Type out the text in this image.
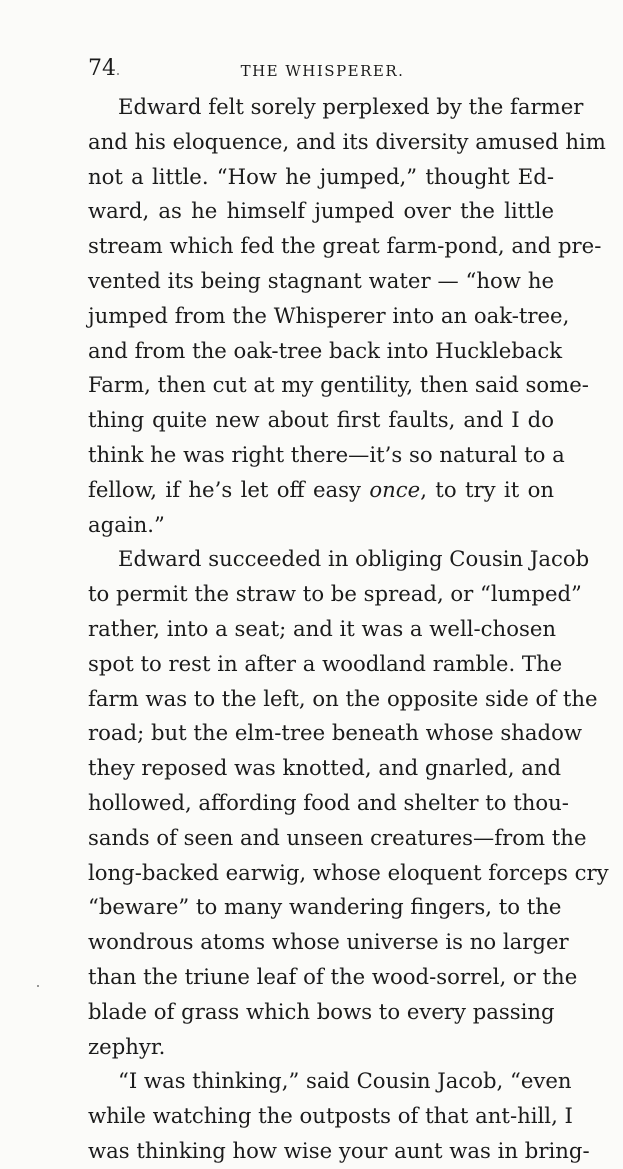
74	THE WHISPERER.

Edward felt sorely perplexed by the farmer
and his eloquence, and its diversity amused him
not a little. “How he jumped,” thought Ed-
ward, as he himself jumped over the little
stream which fed the great farm-pond, and pre-
vented its being stagnant water — “how he
jumped from the Whisperer into an oak-tree,
and from the oak-tree back into Huckleback
Farm, then cut at my gentility, then said some-
thing quite new about first faults, and I do
think he was right there—it’s so natural to a
fellow, if he’s let off easy once, to try it on
again.”

Edward succeeded in obliging Cousin Jacob
to permit the straw to be spread, or “lumped”
rather, into a seat; and it was a well-chosen
spot to rest in after a woodland ramble. The
farm was to the left, on the opposite side of the
road; but the elm-tree beneath whose shadow
they reposed was knotted, and gnarled, and
hollowed, affording food and shelter to thou-
sands of seen and unseen creatures—from the
long-backed earwig, whose eloquent forceps cry
“beware” to many wandering fingers, to the
wondrous atoms whose universe is no larger
than the triune leaf of the wood-sorrel, or the
blade of grass which bows to every passing
zephyr.

“I was thinking,” said Cousin Jacob, “even
while watching the outposts of that ant-hill, I
was thinking how wise your aunt was in bring-
